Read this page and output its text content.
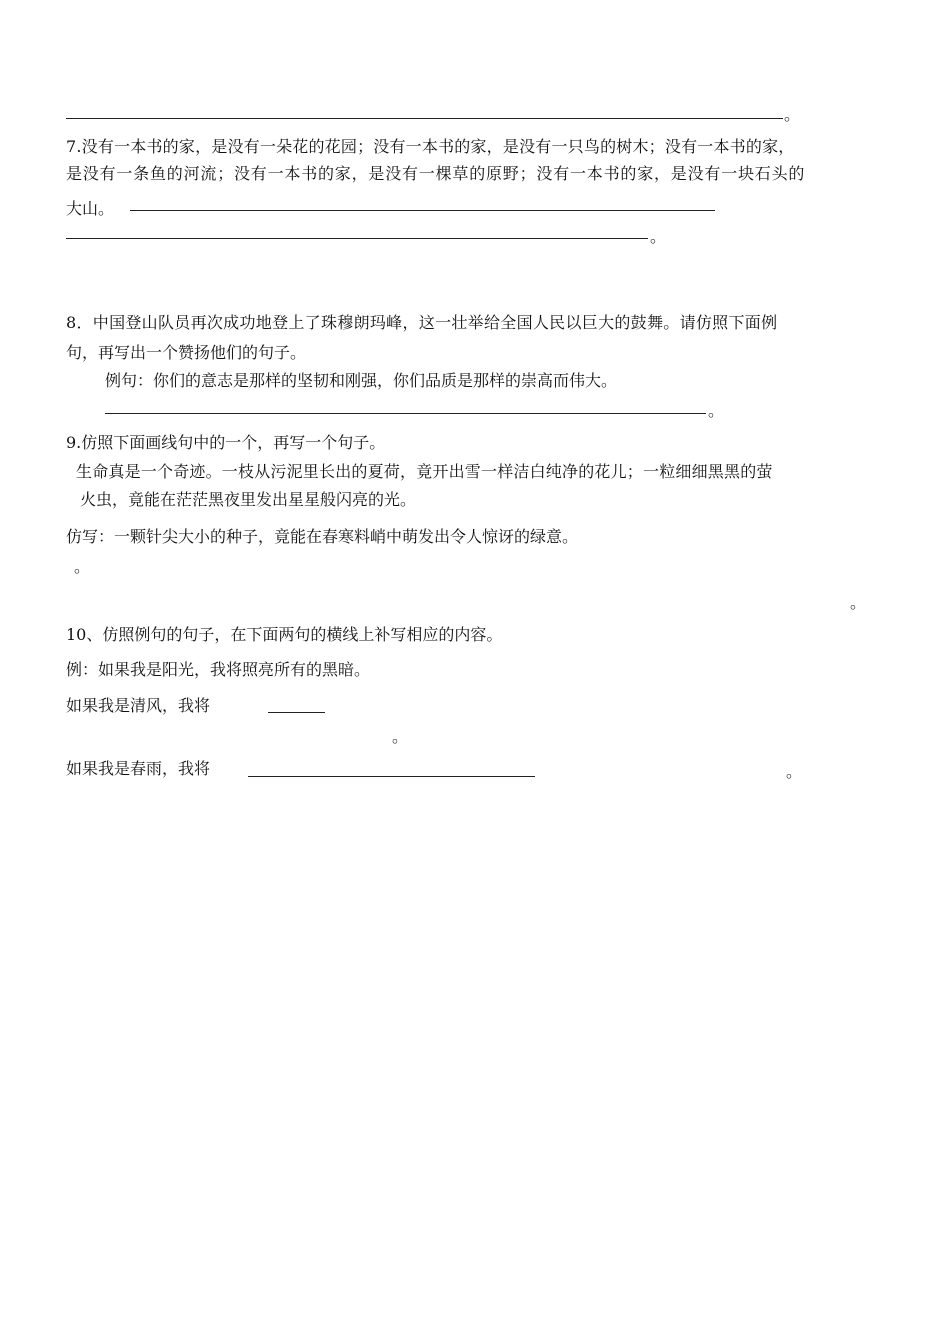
。
7.没有一本书的家，是没有一朵花的花园；没有一本书的家，是没有一只鸟的树木；没有一本书的家，
是没有一条鱼的河流；没有一本书的家，是没有一棵草的原野；没有一本书的家，是没有一块石头的
大山。
。
8．中国登山队员再次成功地登上了珠穆朗玛峰，这一壮举给全国人民以巨大的鼓舞。请仿照下面例
句，再写出一个赞扬他们的句子。
例句：你们的意志是那样的坚韧和刚强，你们品质是那样的崇高而伟大。
。
9.仿照下面画线句中的一个，再写一个句子。
生命真是一个奇迹。一枝从污泥里长出的夏荷，竟开出雪一样洁白纯净的花儿；一粒细细黑黑的萤
火虫，竟能在茫茫黑夜里发出星星般闪亮的光。
仿写：一颗针尖大小的种子，竟能在春寒料峭中萌发出令人惊讶的绿意。
。
。
10、仿照例句的句子，在下面两句的横线上补写相应的内容。
例：如果我是阳光，我将照亮所有的黑暗。
如果我是清风，我将
。
如果我是春雨，我将	。
